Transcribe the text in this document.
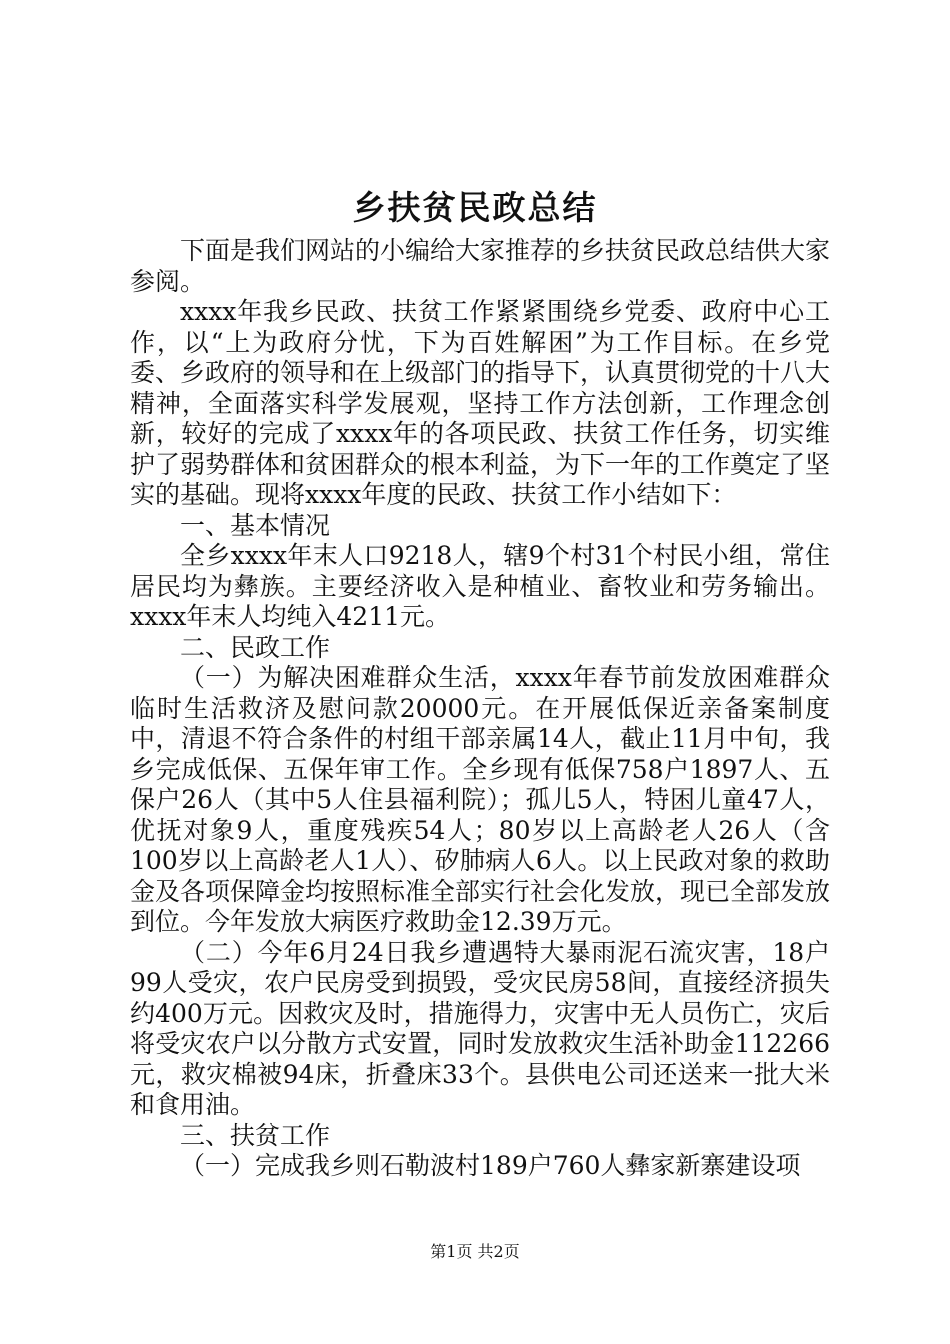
乡扶贫民政总结

下面是我们网站的小编给大家推荐的乡扶贫民政总结供大家参阅。

xxxx年我乡民政、扶贫工作紧紧围绕乡党委、政府中心工作，以“上为政府分忧，下为百姓解困”为工作目标。在乡党委、乡政府的领导和在上级部门的指导下，认真贯彻党的十八大精神，全面落实科学发展观，坚持工作方法创新，工作理念创新，较好的完成了xxxx年的各项民政、扶贫工作任务，切实维护了弱势群体和贫困群众的根本利益，为下一年的工作奠定了坚实的基础。现将xxxx年度的民政、扶贫工作小结如下：

一、基本情况

全乡xxxx年末人口9218人，辖9个村31个村民小组，常住居民均为彝族。主要经济收入是种植业、畜牧业和劳务输出。xxxx年末人均纯入4211元。

二、民政工作

（一）为解决困难群众生活，xxxx年春节前发放困难群众临时生活救济及慰问款20000元。在开展低保近亲备案制度中，清退不符合条件的村组干部亲属14人，截止11月中旬，我乡完成低保、五保年审工作。全乡现有低保758户1897人、五保户26人（其中5人住县福利院）；孤儿5人，特困儿童47人，优抚对象9人，重度残疾54人；80岁以上高龄老人26人（含100岁以上高龄老人1人）、矽肺病人6人。以上民政对象的救助金及各项保障金均按照标准全部实行社会化发放，现已全部发放到位。今年发放大病医疗救助金12.39万元。

（二）今年6月24日我乡遭遇特大暴雨泥石流灾害，18户99人受灾，农户民房受到损毁，受灾民房58间，直接经济损失约400万元。因救灾及时，措施得力，灾害中无人员伤亡，灾后将受灾农户以分散方式安置，同时发放救灾生活补助金112266元，救灾棉被94床，折叠床33个。县供电公司还送来一批大米和食用油。

三、扶贫工作

（一）完成我乡则石勒波村189户760人彝家新寨建设项

第1页 共2页
